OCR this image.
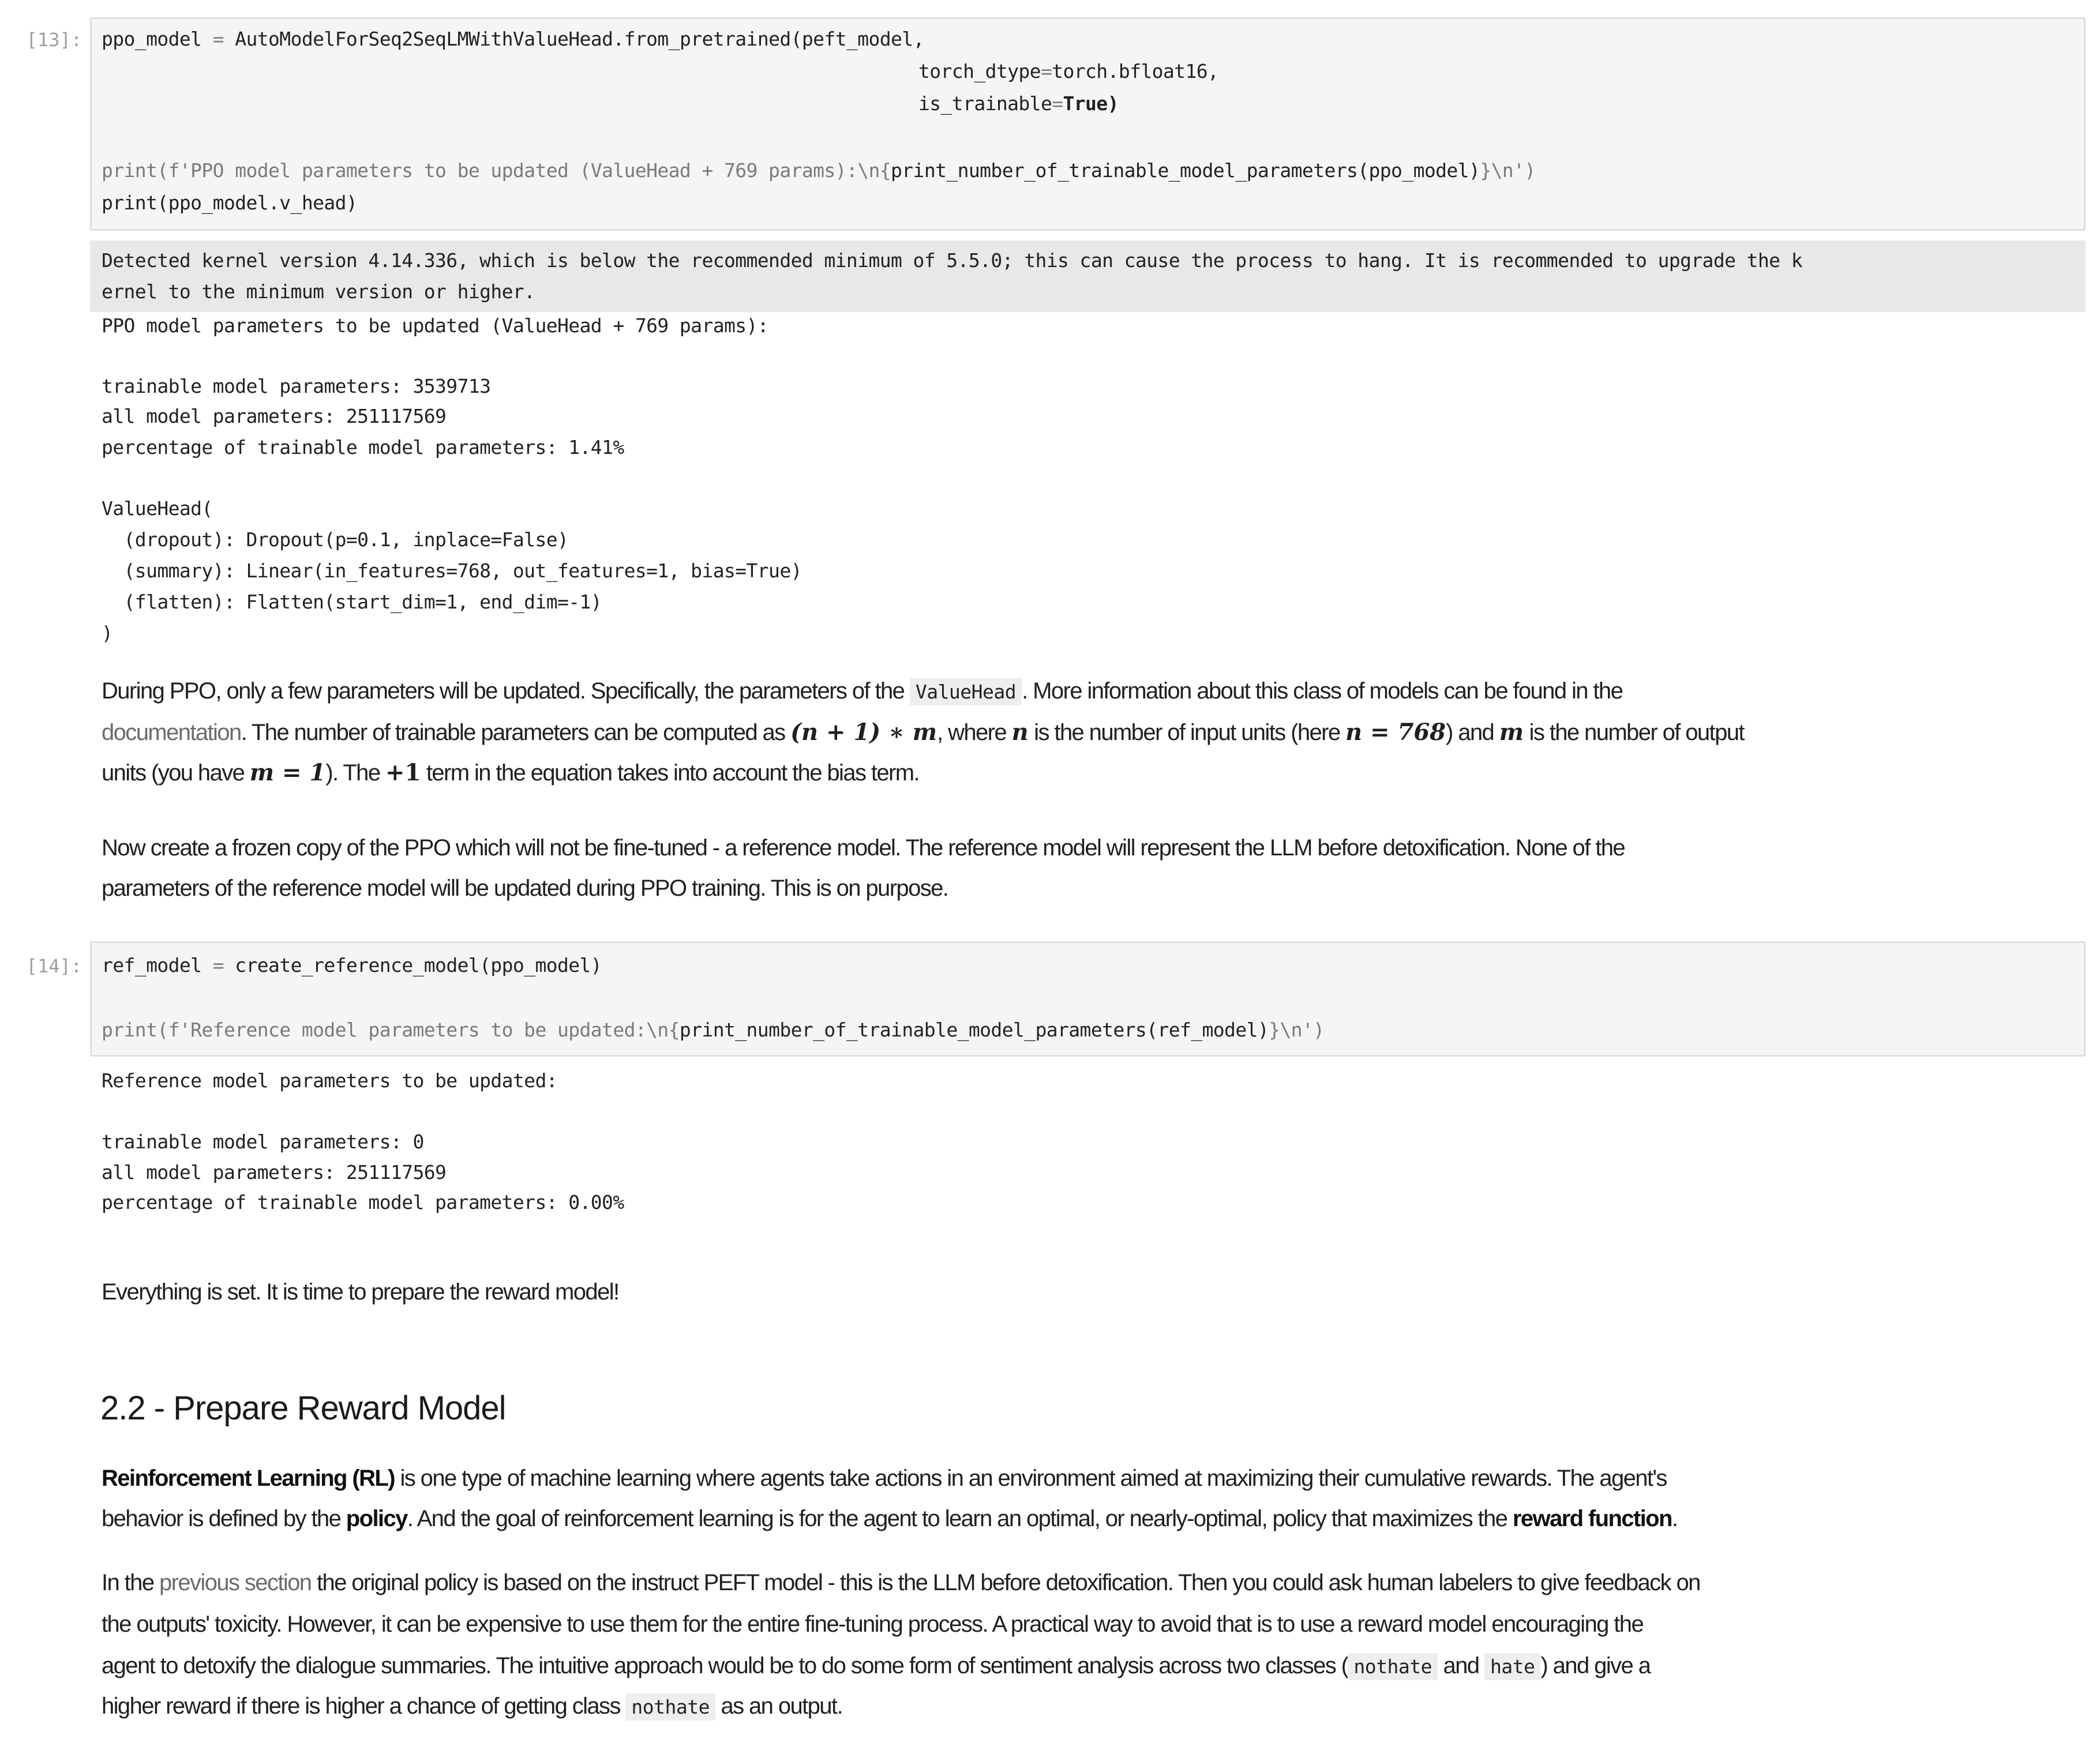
[13]: ppo_model = AutoModelForSeq2SeqLMWithValueHead.from_pretrained(peft_model,
torch_dtype=torch.bfloat16,
is_trainable=True)
print(f'PPO model parameters to be updated (ValueHead + 769 params):\n{print_number_of_trainable_model_parameters(ppo_model)}\n')
print(ppo_model.v_head)
Detected kernel version 4.14.336, which is below the recommended minimum of 5.5.0; this can cause the process to hang. It is recommended to upgrade the k
ernel to the minimum version or higher.
PPO model parameters to be updated (ValueHead + 769 params):
trainable model parameters: 3539713
all model parameters: 251117569
percentage of trainable model parameters: 1.41%
ValueHead(
(dropout): Dropout(p=0.1, inplace=False)
(summary): Linear(in_features=768, out_features=1, bias=True)
(flatten): Flatten(start_dim=1, end_dim=-1)
)
During PPO, only a few parameters will be updated. Specifically, the parameters of the ValueHead . More information about this class of models can be found in the
documentation. The number of trainable parameters can be computed as (n + 1) ∗ m, where n is the number of input units (here n = 768) and m is the number of output
units (you have m = 1). The +1 term in the equation takes into account the bias term.
Now create a frozen copy of the PPO which will not be fine-tuned - a reference model. The reference model will represent the LLM before detoxification. None of the
parameters of the reference model will be updated during PPO training. This is on purpose.
[14]: ref_model = create_reference_model(ppo_model)
print(f'Reference model parameters to be updated:\n{print_number_of_trainable_model_parameters(ref_model)}\n')
Reference model parameters to be updated:
trainable model parameters: 0
all model parameters: 251117569
percentage of trainable model parameters: 0.00%
Everything is set. It is time to prepare the reward model!
2.2 - Prepare Reward Model
Reinforcement Learning (RL) is one type of machine learning where agents take actions in an environment aimed at maximizing their cumulative rewards. The agent's
behavior is defined by the policy. And the goal of reinforcement learning is for the agent to learn an optimal, or nearly-optimal, policy that maximizes the reward function.
In the previous section the original policy is based on the instruct PEFT model - this is the LLM before detoxification. Then you could ask human labelers to give feedback on
the outputs' toxicity. However, it can be expensive to use them for the entire fine-tuning process. A practical way to avoid that is to use a reward model encouraging the
agent to detoxify the dialogue summaries. The intuitive approach would be to do some form of sentiment analysis across two classes ( nothate and hate ) and give a
higher reward if there is higher a chance of getting class nothate as an output.
